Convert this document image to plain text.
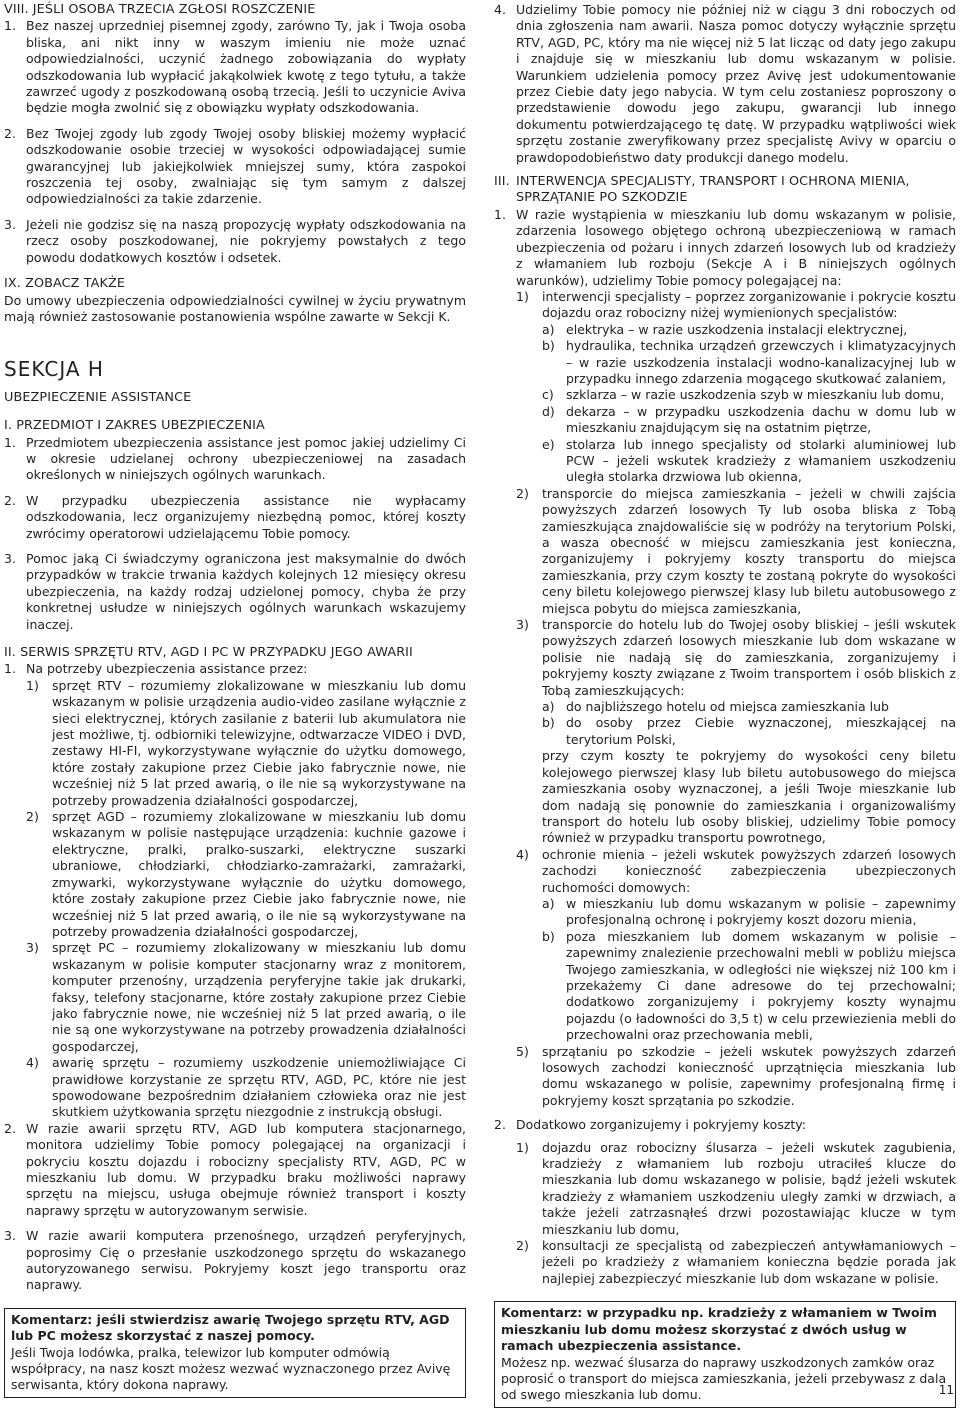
VIII. JEŚLI OSOBA TRZECIA ZGŁOSI ROSZCZENIE

1. Bez naszej uprzedniej pisemnej zgody, zarówno Ty, jak i Twoja osoba bliska, ani nikt inny w waszym imieniu nie może uznać odpowiedzialności, uczynić żadnego zobowiązania do wypłaty odszkodowania lub wypłacić jakąkolwiek kwotę z tego tytułu, a także zawrzeć ugody z poszkodowaną osobą trzecią. Jeśli to uczynicie Aviva będzie mogła zwolnić się z obowiązku wypłaty odszkodowania.
2. Bez Twojej zgody lub zgody Twojej osoby bliskiej możemy wypłacić odszkodowanie osobie trzeciej w wysokości odpowiadającej sumie gwarancyjnej lub jakiejkolwiek mniejszej sumy, która zaspokoi roszczenia tej osoby, zwalniając się tym samym z dalszej odpowiedzialności za takie zdarzenie.
3. Jeżeli nie godzisz się na naszą propozycję wypłaty odszkodowania na rzecz osoby poszkodowanej, nie pokryjemy powstałych z tego powodu dodatkowych kosztów i odsetek.

IX. ZOBACZ TAKŻE

Do umowy ubezpieczenia odpowiedzialności cywilnej w życiu prywatnym mają również zastosowanie postanowienia wspólne zawarte w Sekcji K.

SEKCJA H

UBEZPIECZENIE ASSISTANCE

I. PRZEDMIOT I ZAKRES UBEZPIECZENIA

1. Przedmiotem ubezpieczenia assistance jest pomoc jakiej udzielimy Ci w okresie udzielanej ochrony ubezpieczeniowej na zasadach określonych w niniejszych ogólnych warunkach.
2. W przypadku ubezpieczenia assistance nie wypłacamy odszkodowania, lecz organizujemy niezbędną pomoc, której koszty zwrócimy operatorowi udzielającemu Tobie pomocy.
3. Pomoc jaką Ci świadczymy ograniczona jest maksymalnie do dwóch przypadków w trakcie trwania każdych kolejnych 12 miesięcy okresu ubezpieczenia, na każdy rodzaj udzielonej pomocy, chyba że przy konkretnej usłudze w niniejszych ogólnych warunkach wskazujemy inaczej.

II. SERWIS SPRZĘTU RTV, AGD I PC W PRZYPADKU JEGO AWARII

1. Na potrzeby ubezpieczenia assistance przez:
1)	sprzęt RTV – rozumiemy zlokalizowane w mieszkaniu lub domu wskazanym w polisie urządzenia audio-video zasilane wyłącznie z sieci elektrycznej, których zasilanie z baterii lub akumulatora nie jest możliwe, tj. odbiorniki telewizyjne, odtwarzacze VIDEO i DVD, zestawy HI-FI, wykorzystywane wyłącznie do użytku domowego, które zostały zakupione przez Ciebie jako fabrycznie nowe, nie wcześniej niż 5 lat przed awarią, o ile nie są wykorzystywane na potrzeby prowadzenia działalności gospodarczej,
2)	sprzęt AGD – rozumiemy zlokalizowane w mieszkaniu lub domu wskazanym w polisie następujące urządzenia: kuchnie gazowe i elektryczne, pralki, pralko-suszarki, elektryczne suszarki ubraniowe, chłodziarki, chłodziarko-zamrażarki, zamrażarki, zmywarki, wykorzystywane wyłącznie do użytku domowego, które zostały zakupione przez Ciebie jako fabrycznie nowe, nie wcześniej niż 5 lat przed awarią, o ile nie są wykorzystywane na potrzeby prowadzenia działalności gospodarczej,
3)	sprzęt PC – rozumiemy zlokalizowany w mieszkaniu lub domu wskazanym w polisie komputer stacjonarny wraz z monitorem, komputer przenośny, urządzenia peryferyjne takie jak drukarki, faksy, telefony stacjonarne, które zostały zakupione przez Ciebie jako fabrycznie nowe, nie wcześniej niż 5 lat przed awarią, o ile nie są one wykorzystywane na potrzeby prowadzenia działalności gospodarczej,
4)	awarię sprzętu – rozumiemy uszkodzenie uniemożliwiające Ci prawidłowe korzystanie ze sprzętu RTV, AGD, PC, które nie jest spowodowane bezpośrednim działaniem człowieka oraz nie jest skutkiem użytkowania sprzętu niezgodnie z instrukcją obsługi.
2. W razie awarii sprzętu RTV, AGD lub komputera stacjonarnego, monitora udzielimy Tobie pomocy polegającej na organizacji i pokryciu kosztu dojazdu i robocizny specjalisty RTV, AGD, PC w mieszkaniu lub domu. W przypadku braku możliwości naprawy sprzętu na miejscu, usługa obejmuje również transport i koszty naprawy sprzętu w autoryzowanym serwisie.
3. W razie awarii komputera przenośnego, urządzeń peryferyjnych, poprosimy Cię o przesłanie uszkodzonego sprzętu do wskazanego autoryzowanego serwisu. Pokryjemy koszt jego transportu oraz naprawy.
Komentarz: jeśli stwierdzisz awarię Twojego sprzętu RTV, AGD lub PC możesz skorzystać z naszej pomocy.
Jeśli Twoja lodówka, pralka, telewizor lub komputer odmówią współpracy, na nasz koszt możesz wezwać wyznaczonego przez Avivę serwisanta, który dokona naprawy.
4. Udzielimy Tobie pomocy nie później niż w ciągu 3 dni roboczych od dnia zgłoszenia nam awarii. Nasza pomoc dotyczy wyłącznie sprzętu RTV, AGD, PC, który ma nie więcej niż 5 lat licząc od daty jego zakupu i znajduje się w mieszkaniu lub domu wskazanym w polisie. Warunkiem udzielenia pomocy przez Avivę jest udokumentowanie przez Ciebie daty jego nabycia. W tym celu zostaniesz poproszony o przedstawienie dowodu jego zakupu, gwarancji lub innego dokumentu potwierdzającego tę datę. W przypadku wątpliwości wiek sprzętu zostanie zweryfikowany przez specjalistę Avivy w oparciu o prawdopodobieństwo daty produkcji danego modelu.
III. INTERWENCJA SPECJALISTY, TRANSPORT I OCHRONA MIENIA, SPRZĄTANIE PO SZKODZIE
1. W razie wystąpienia w mieszkaniu lub domu wskazanym w polisie, zdarzenia losowego objętego ochroną ubezpieczeniową w ramach ubezpieczenia od pożaru i innych zdarzeń losowych lub od kradzieży z włamaniem lub rozboju (Sekcje A i B niniejszych ogólnych warunków), udzielimy Tobie pomocy polegającej na:
1)	interwencji specjalisty – poprzez zorganizowanie i pokrycie kosztu dojazdu oraz robocizny niżej wymienionych specjalistów:
a) elektryka – w razie uszkodzenia instalacji elektrycznej,
b) hydraulika, technika urządzeń grzewczych i klimatyzacyjnych – w razie uszkodzenia instalacji wodno-kanalizacyjnej lub w przypadku innego zdarzenia mogącego skutkować zalaniem,
c) szklarza – w razie uszkodzenia szyb w mieszkaniu lub domu,
d) dekarza – w przypadku uszkodzenia dachu w domu lub w mieszkaniu znajdującym się na ostatnim piętrze,
e) stolarza lub innego specjalisty od stolarki aluminiowej lub PCW – jeżeli wskutek kradzieży z włamaniem uszkodzeniu uległa stolarka drzwiowa lub okienna,
2)	transporcie do miejsca zamieszkania – jeżeli w chwili zajścia powyższych zdarzeń losowych Ty lub osoba bliska z Tobą zamieszkująca znajdowaliście się w podróży na terytorium Polski, a wasza obecność w miejscu zamieszkania jest konieczna, zorganizujemy i pokryjemy koszty transportu do miejsca zamieszkania, przy czym koszty te zostaną pokryte do wysokości ceny biletu kolejowego pierwszej klasy lub biletu autobusowego z miejsca pobytu do miejsca zamieszkania,
3)	transporcie do hotelu lub do Twojej osoby bliskiej – jeśli wskutek powyższych zdarzeń losowych mieszkanie lub dom wskazane w polisie nie nadają się do zamieszkania, zorganizujemy i pokryjemy koszty związane z Twoim transportem i osób bliskich z Tobą zamieszkujących:
a) do najbliższego hotelu od miejsca zamieszkania lub
b) do osoby przez Ciebie wyznaczonej, mieszkającej na terytorium Polski,

przy czym koszty te pokryjemy do wysokości ceny biletu kolejowego pierwszej klasy lub biletu autobusowego do miejsca zamieszkania osoby wyznaczonej, a jeśli Twoje mieszkanie lub dom nadają się ponownie do zamieszkania i organizowaliśmy transport do hotelu lub osoby bliskiej, udzielimy Tobie pomocy również w przypadku transportu powrotnego,

4)	ochronie mienia – jeżeli wskutek powyższych zdarzeń losowych zachodzi konieczność zabezpieczenia ubezpieczonych ruchomości domowych:
a) w mieszkaniu lub domu wskazanym w polisie – zapewnimy profesjonalną ochronę i pokryjemy koszt dozoru mienia,
b) poza mieszkaniem lub domem wskazanym w polisie – zapewnimy znalezienie przechowalni mebli w pobliżu miejsca Twojego zamieszkania, w odległości nie większej niż 100 km i przekażemy Ci dane adresowe do tej przechowalni; dodatkowo zorganizujemy i pokryjemy koszty wynajmu pojazdu (o ładowności do 3,5 t) w celu przewiezienia mebli do przechowalni oraz przechowania mebli,
5)	sprzątaniu po szkodzie – jeżeli wskutek powyższych zdarzeń losowych zachodzi konieczność uprzątnięcia mieszkania lub domu wskazanego w polisie, zapewnimy profesjonalną firmę i pokryjemy koszt sprzątania po szkodzie.
2. Dodatkowo zorganizujemy i pokryjemy koszty:
1)	dojazdu oraz robocizny ślusarza – jeżeli wskutek zagubienia, kradzieży z włamaniem lub rozboju utraciłeś klucze do mieszkania lub domu wskazanego w polisie, bądź jeżeli wskutek kradzieży z włamaniem uszkodzeniu uległy zamki w drzwiach, a także jeżeli zatrzasnąłeś drzwi pozostawiając klucze w tym mieszkaniu lub domu,
2)	konsultacji ze specjalistą od zabezpieczeń antywłamaniowych – jeżeli po kradzieży z włamaniem konieczna będzie porada jak najlepiej zabezpieczyć mieszkanie lub dom wskazane w polisie.
Komentarz: w przypadku np. kradzieży z włamaniem w Twoim mieszkaniu lub domu możesz skorzystać z dwóch usług w ramach ubezpieczenia assistance.
Możesz np. wezwać ślusarza do naprawy uszkodzonych zamków oraz poprosić o transport do miejsca zamieszkania, jeżeli przebywasz z dala od swego mieszkania lub domu.	11
